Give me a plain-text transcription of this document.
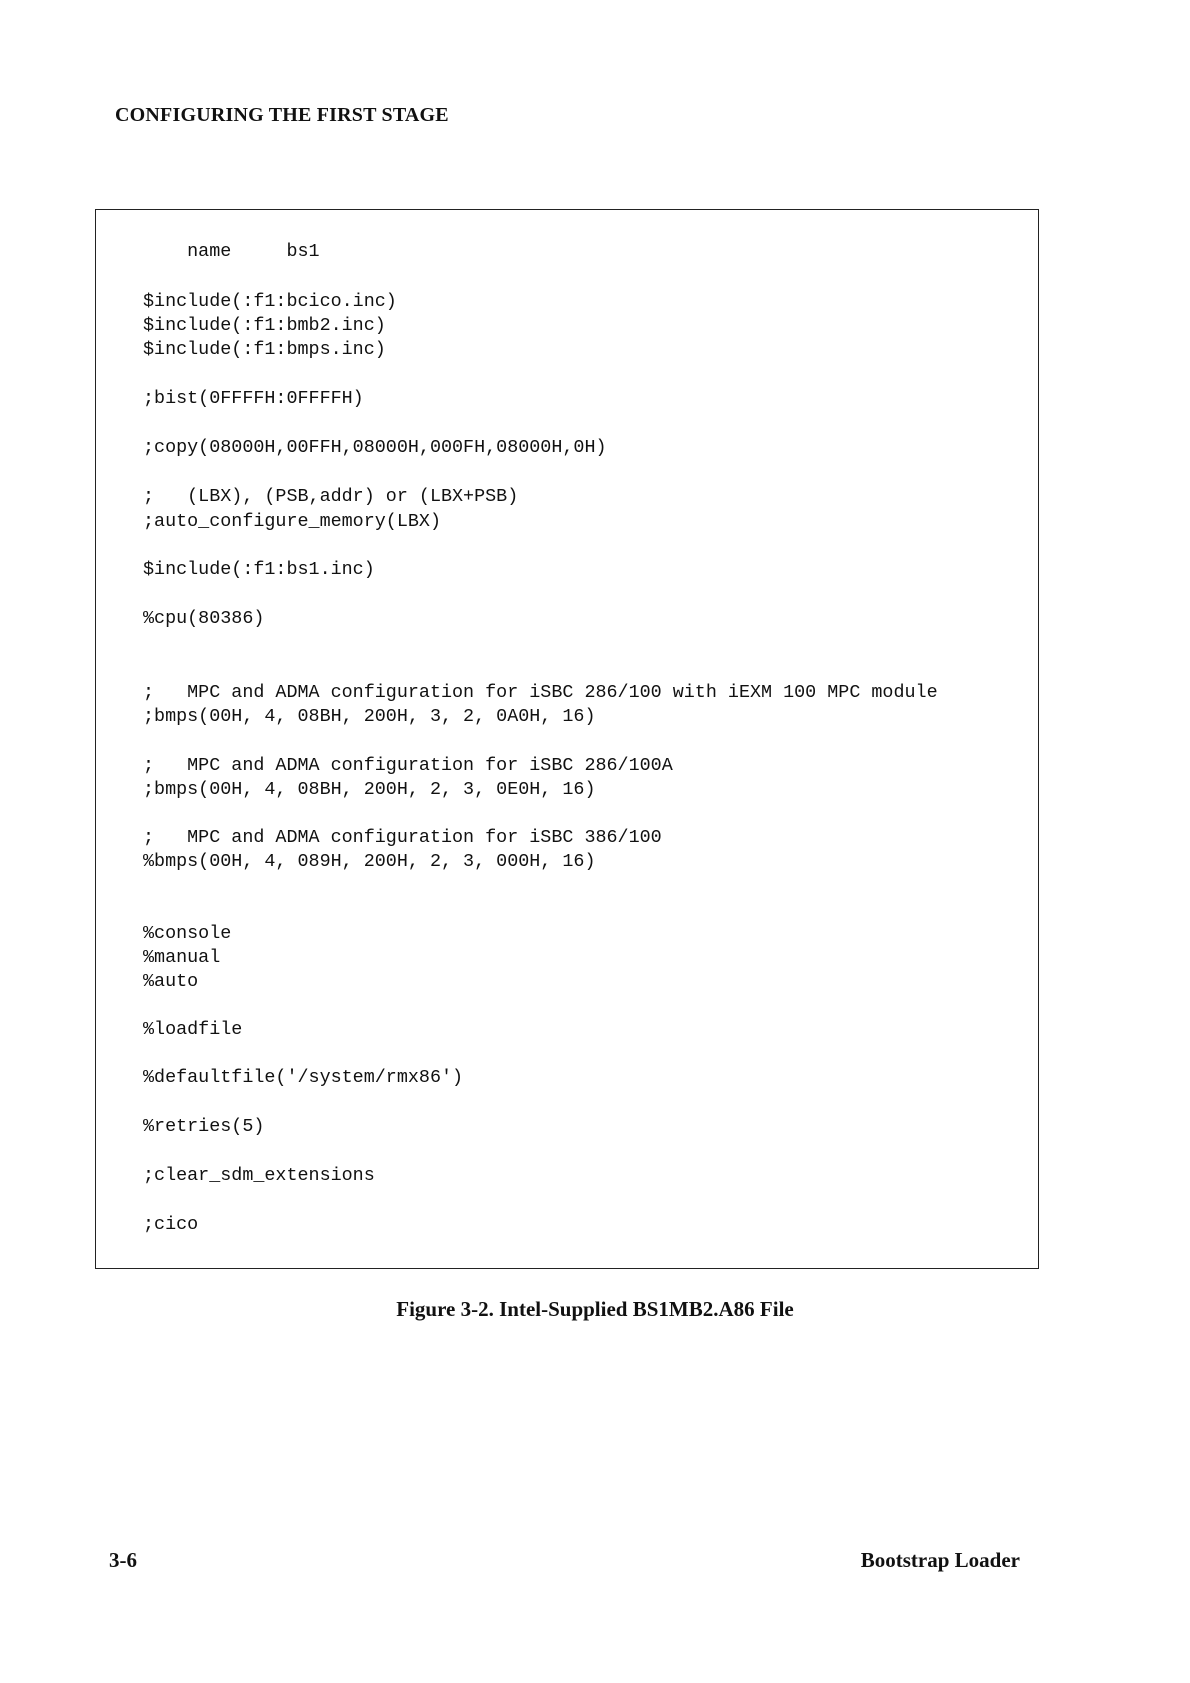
CONFIGURING THE FIRST STAGE
name     bs1
$include(:f1:bcico.inc)
$include(:f1:bmb2.inc)
$include(:f1:bmps.inc)
;bist(0FFFFH:0FFFFH)
;copy(08000H,00FFH,08000H,000FH,08000H,0H)
;   (LBX), (PSB,addr) or (LBX+PSB)
;auto_configure_memory(LBX)
$include(:f1:bs1.inc)
%cpu(80386)
;   MPC and ADMA configuration for iSBC 286/100 with iEXM 100 MPC module
;bmps(00H, 4, 08BH, 200H, 3, 2, 0A0H, 16)
;   MPC and ADMA configuration for iSBC 286/100A
;bmps(00H, 4, 08BH, 200H, 2, 3, 0E0H, 16)
;   MPC and ADMA configuration for iSBC 386/100
%bmps(00H, 4, 089H, 200H, 2, 3, 000H, 16)
%console
%manual
%auto
%loadfile
%defaultfile('/system/rmx86')
%retries(5)
;clear_sdm_extensions
;cico
Figure 3-2. Intel-Supplied BS1MB2.A86 File
3-6	Bootstrap Loader
